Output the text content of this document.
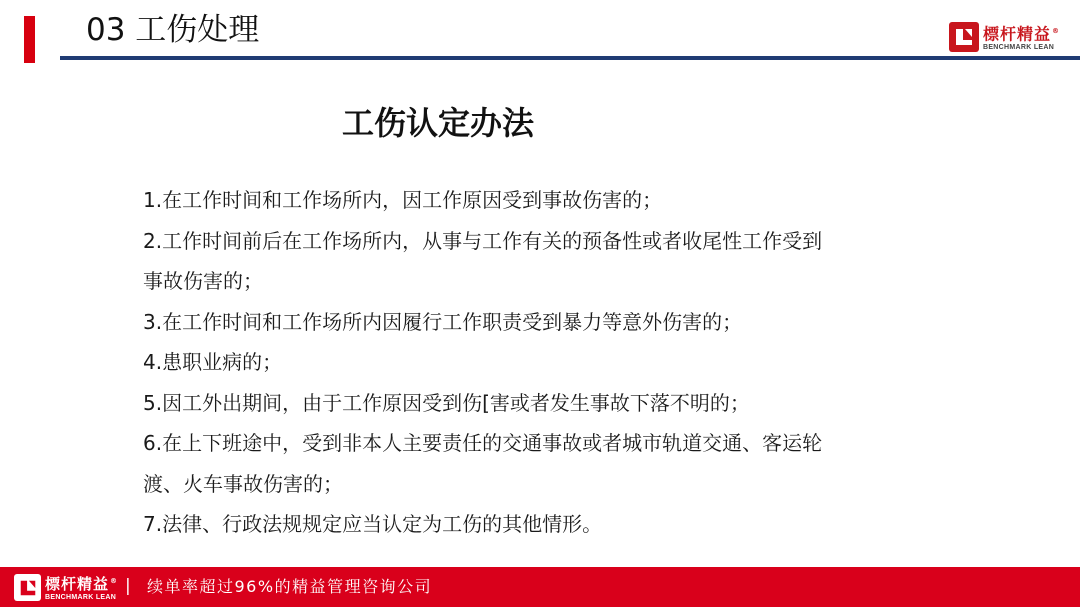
03 工伤处理	標杆精益®
BENCHMARK LEAN
工伤认定办法
1.在工作时间和工作场所内，因工作原因受到事故伤害的；
2.工作时间前后在工作场所内，从事与工作有关的预备性或者收尾性工作受到
事故伤害的；
3.在工作时间和工作场所内因履行工作职责受到暴力等意外伤害的；
4.患职业病的；
5.因工外出期间，由于工作原因受到伤[害或者发生事故下落不明的；
6.在上下班途中，受到非本人主要责任的交通事故或者城市轨道交通、客运轮
渡、火车事故伤害的；
7.法律、行政法规规定应当认定为工伤的其他情形。
標杆精益®
BENCHMARK LEAN
| 续单率超过96%的精益管理咨询公司
